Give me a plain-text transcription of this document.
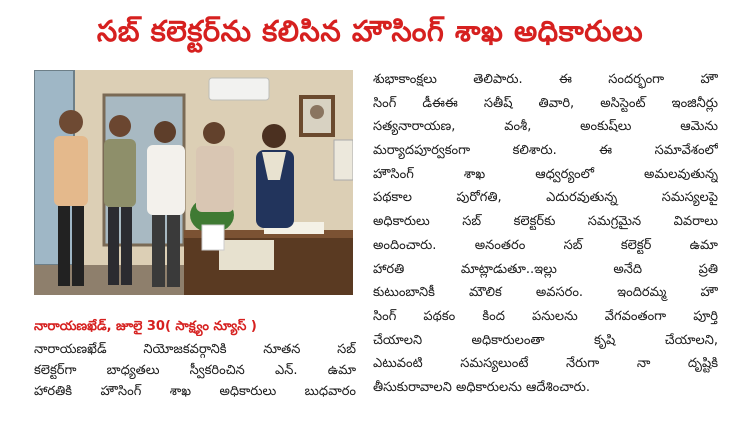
సబ్ కలెక్టర్‌ను కలిసిన హౌసింగ్ శాఖ అధికారులు
నారాయణఖేడ్, జూలై 30( సాక్ష్యం న్యూస్ )
నారాయణఖేడ్ నియోజకవర్గానికి నూతన సబ్
కలెక్టర్‌గా బాధ్యతలు స్వీకరించిన ఎన్. ఉమా
హారతికి హౌసింగ్ శాఖ అధికారులు బుధవారం
శుభాకాంక్షలు తెలిపారు. ఈ సందర్భంగా హౌ
సింగ్ డీఈఈ సతీష్ తివారి, అసిస్టెంట్ ఇంజినీర్లు
సత్యనారాయణ, వంశీ, అంకుష్‌లు ఆమెను
మర్యాదపూర్వకంగా కలిశారు. ఈ సమావేశంలో
హౌసింగ్ శాఖ ఆధ్వర్యంలో అమలవుతున్న
పథకాల పురోగతి, ఎదురవుతున్న సమస్యలపై
అధికారులు సబ్ కలెక్టర్‌కు సమగ్రమైన వివరాలు
అందించారు. అనంతరం సబ్ కలెక్టర్ ఉమా
హారతి మాట్లాడుతూ..ఇల్లు అనేది ప్రతి
కుటుంబానికీ మౌలిక అవసరం. ఇందిరమ్మ హౌ
సింగ్ పథకం కింద పనులను వేగవంతంగా పూర్తి
చేయాలని అధికారులంతా కృషి చేయాలని,
ఎటువంటి సమస్యలుంటే నేరుగా నా దృష్టికి
తీసుకురావాలని అధికారులను ఆదేశించారు.
